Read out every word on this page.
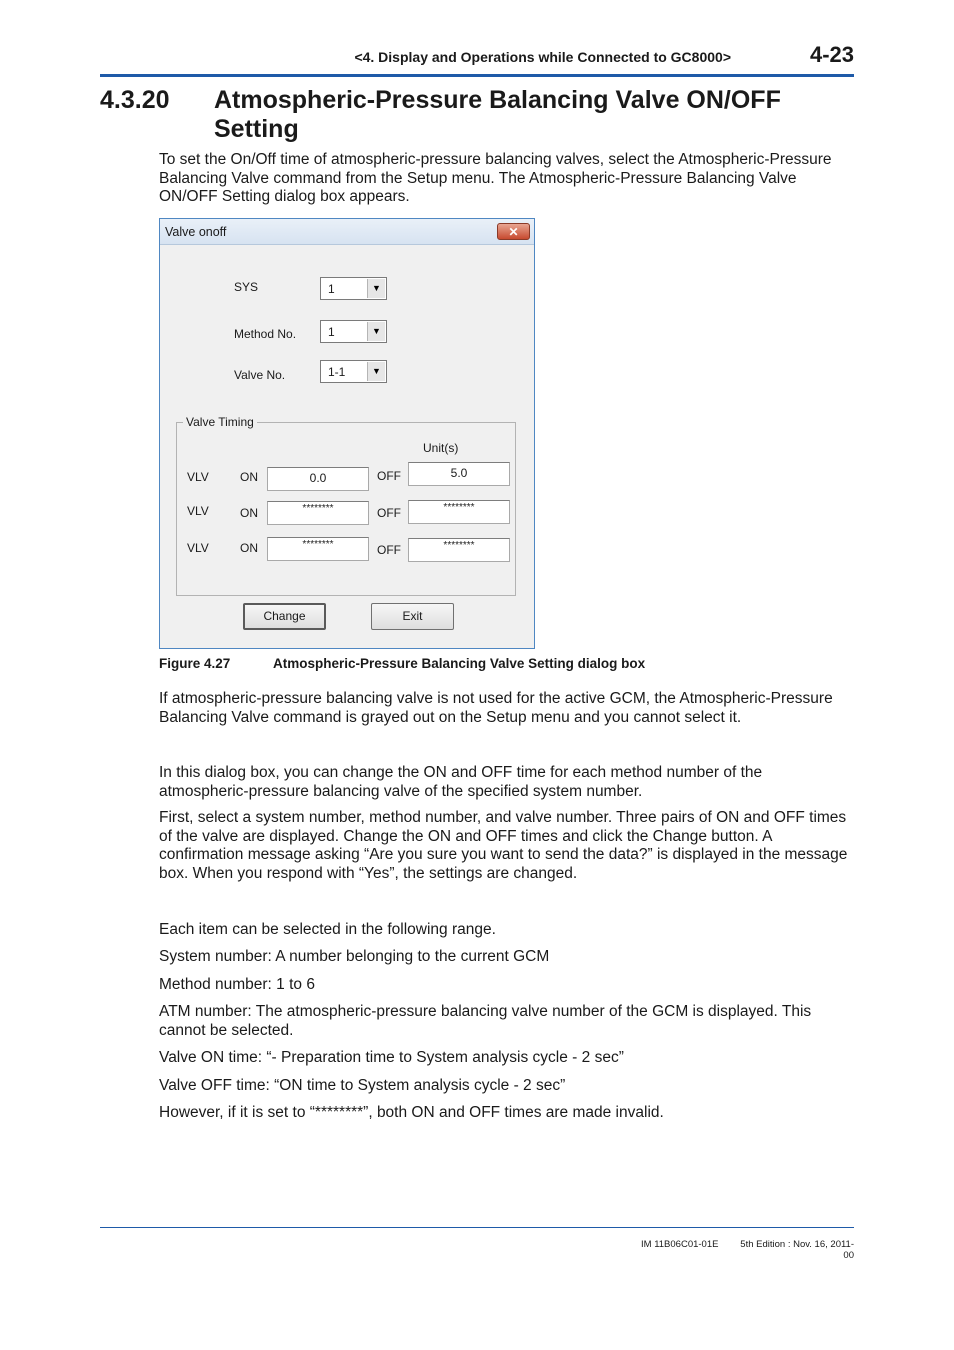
<4. Display and Operations while Connected to GC8000>	4-23
4.3.20 Atmospheric-Pressure Balancing Valve ON/OFF Setting
To set the On/Off time of atmospheric-pressure balancing valves, select the Atmospheric-Pressure Balancing Valve command from the Setup menu. The Atmospheric-Pressure Balancing Valve ON/OFF Setting dialog box appears.
Valve onoff	✕
SYS	1	▼
Method No.	1	▼
Valve No.	1-1	▼
Valve Timing
Unit(s)
VLV	ON	0.0	OFF	5.0
VLV	ON	********	OFF	********
VLV	ON	********	OFF	********
Change	Exit
Figure 4.27	Atmospheric-Pressure Balancing Valve Setting dialog box
If atmospheric-pressure balancing valve is not used for the active GCM, the Atmospheric-Pressure Balancing Valve command is grayed out on the Setup menu and you cannot select it.
In this dialog box, you can change the ON and OFF time for each method number of the atmospheric-pressure balancing valve of the specified system number.
First, select a system number, method number, and valve number. Three pairs of ON and OFF times of the valve are displayed. Change the ON and OFF times and click the Change button. A confirmation message asking “Are you sure you want to send the data?” is displayed in the message box. When you respond with “Yes”, the settings are changed.
Each item can be selected in the following range.
System number: A number belonging to the current GCM
Method number: 1 to 6
ATM number: The atmospheric-pressure balancing valve number of the GCM is displayed. This cannot be selected.
Valve ON time: “- Preparation time to System analysis cycle - 2 sec”
Valve OFF time: “ON time to System analysis cycle - 2 sec”
However, if it is set to “********”, both ON and OFF times are made invalid.
IM 11B06C01-01E	5th Edition : Nov. 16, 2011-00
